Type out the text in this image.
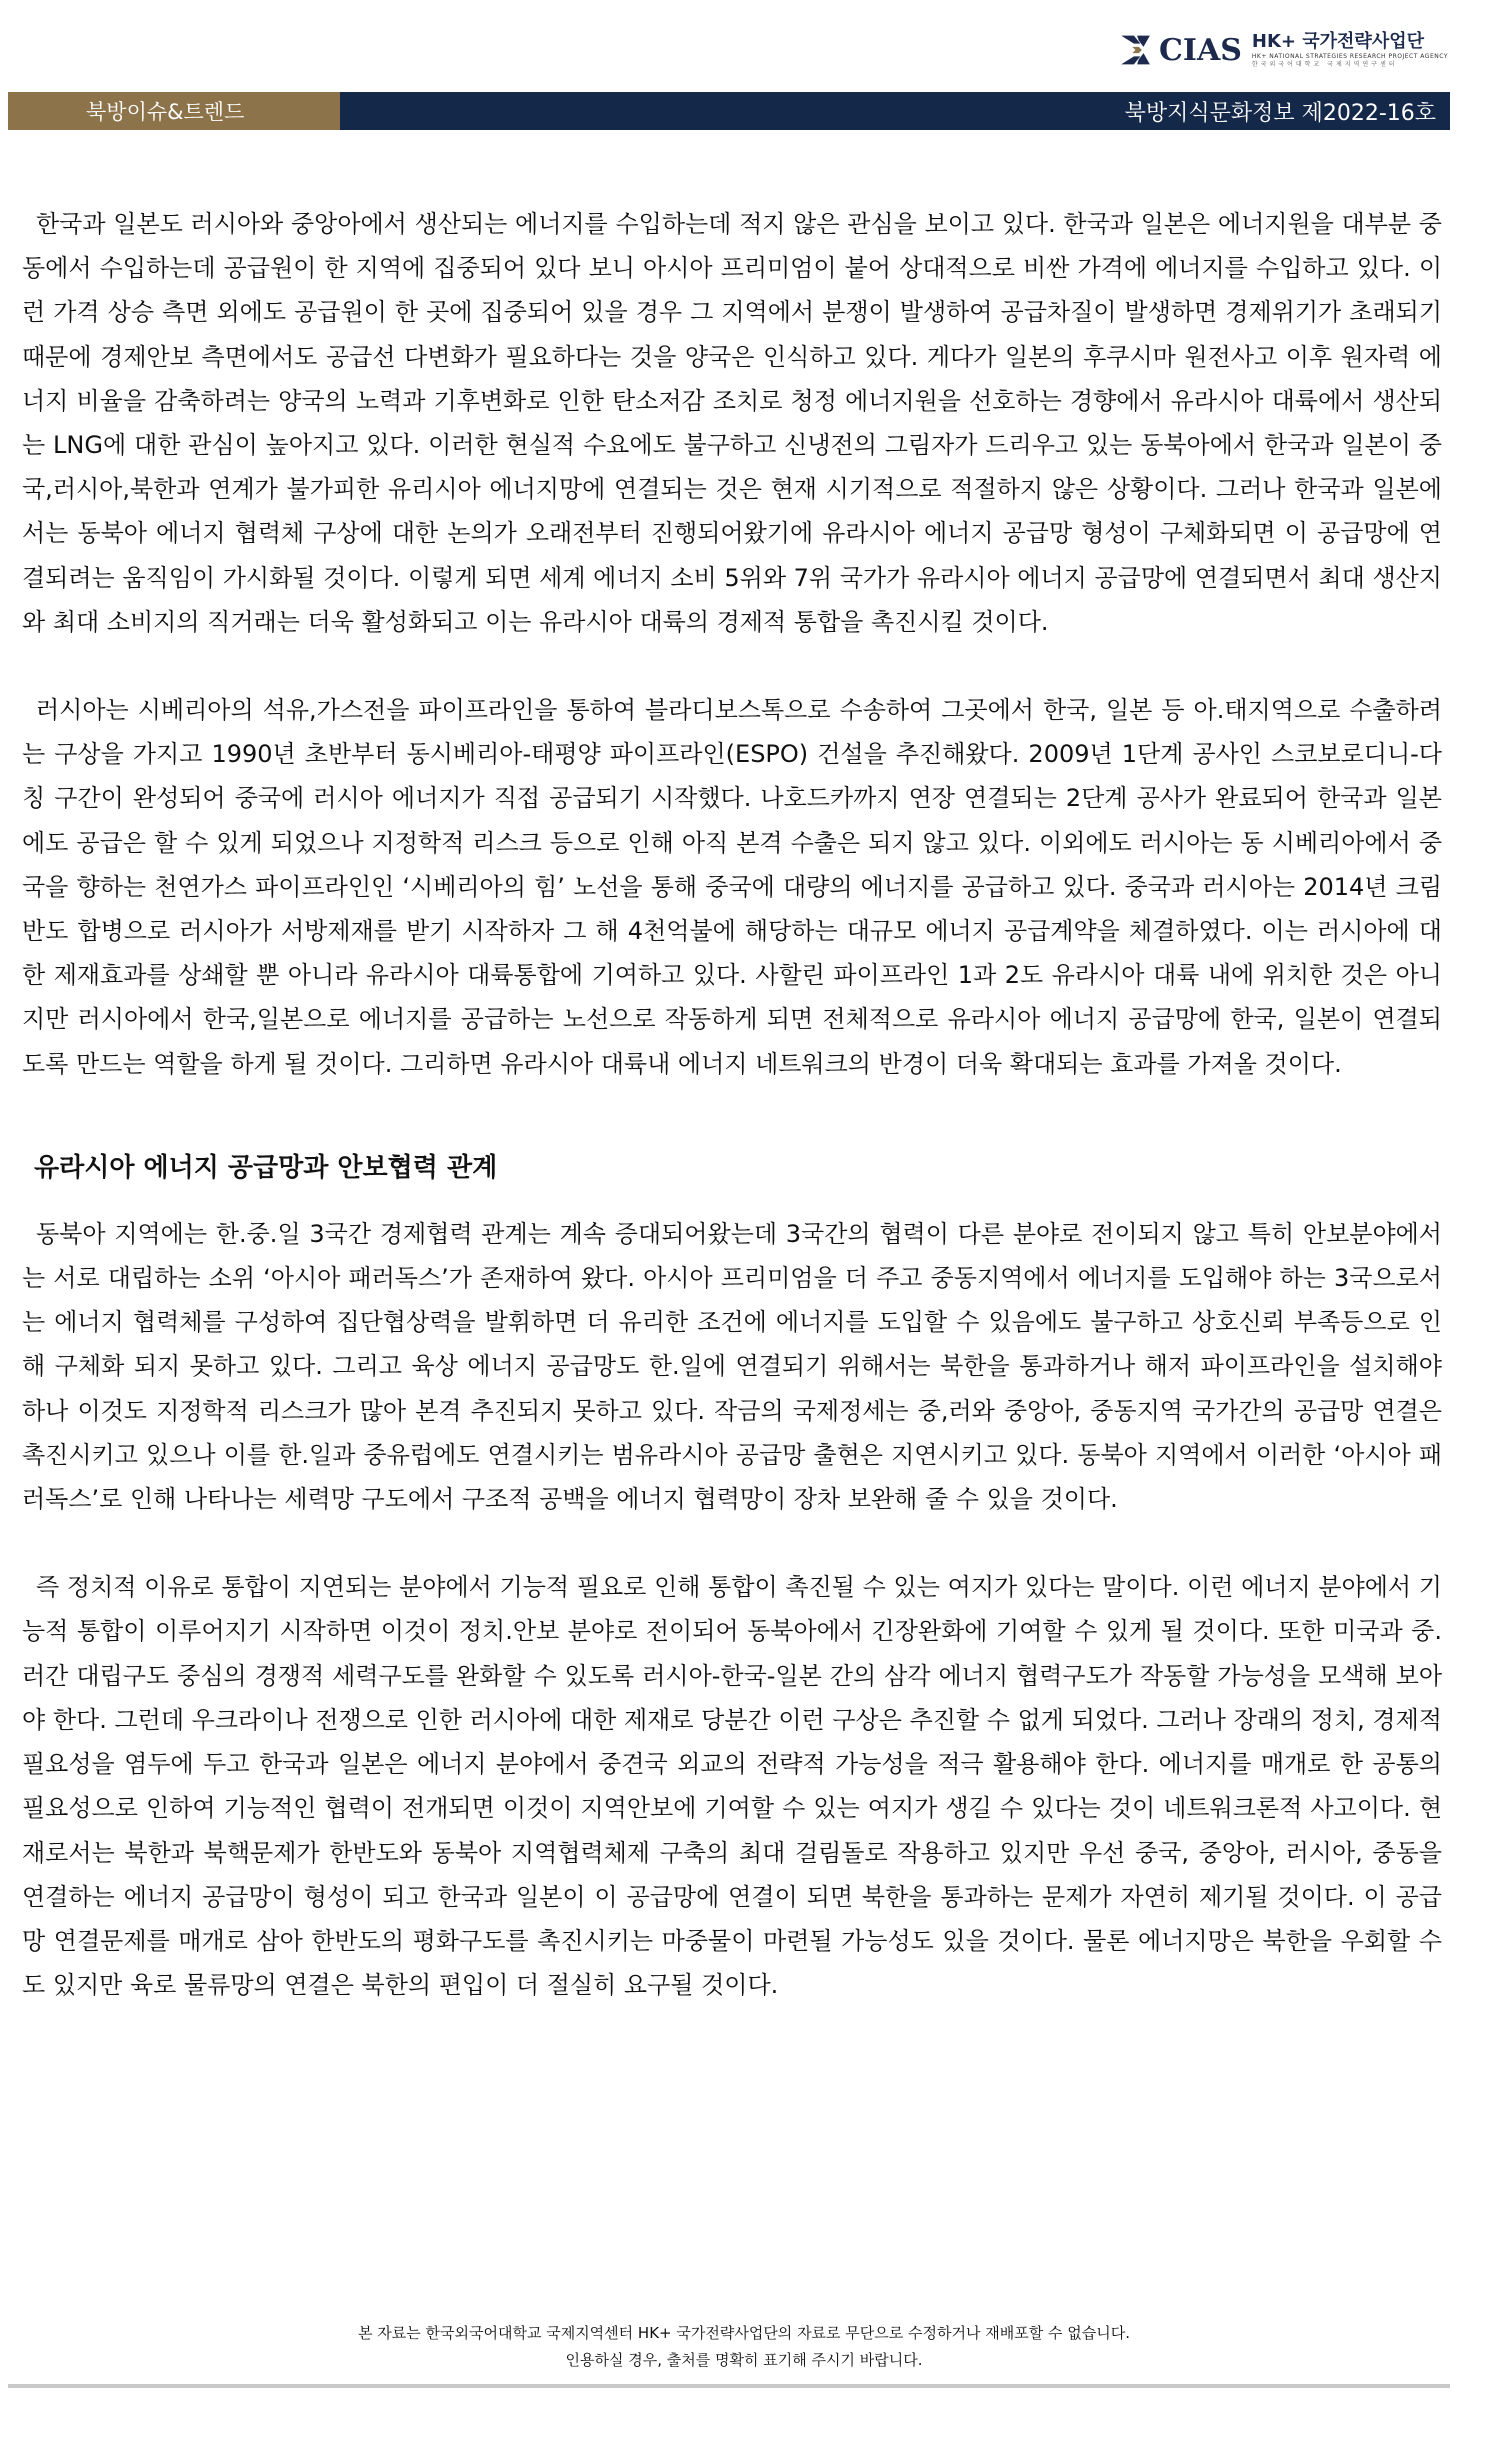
CIAS HK+ 국가전략사업단
HK+ NATIONAL STRATEGIES RESEARCH PROJECT AGENCY
한국외국어대학교 국제지역연구센터
북방이슈&트렌드	북방지식문화정보 제2022-16호

한국과 일본도 러시아와 중앙아에서 생산되는 에너지를 수입하는데 적지 않은 관심을 보이고 있다. 한국과 일본은 에너지원을 대부분 중동에서 수입하는데 공급원이 한 지역에 집중되어 있다 보니 아시아 프리미엄이 붙어 상대적으로 비싼 가격에 에너지를 수입하고 있다. 이런 가격 상승 측면 외에도 공급원이 한 곳에 집중되어 있을 경우 그 지역에서 분쟁이 발생하여 공급차질이 발생하면 경제위기가 초래되기 때문에 경제안보 측면에서도 공급선 다변화가 필요하다는 것을 양국은 인식하고 있다. 게다가 일본의 후쿠시마 원전사고 이후 원자력 에너지 비율을 감축하려는 양국의 노력과 기후변화로 인한 탄소저감 조치로 청정 에너지원을 선호하는 경향에서 유라시아 대륙에서 생산되는 LNG에 대한 관심이 높아지고 있다. 이러한 현실적 수요에도 불구하고 신냉전의 그림자가 드리우고 있는 동북아에서 한국과 일본이 중국,러시아,북한과 연계가 불가피한 유리시아 에너지망에 연결되는 것은 현재 시기적으로 적절하지 않은 상황이다. 그러나 한국과 일본에서는 동북아 에너지 협력체 구상에 대한 논의가 오래전부터 진행되어왔기에 유라시아 에너지 공급망 형성이 구체화되면 이 공급망에 연결되려는 움직임이 가시화될 것이다. 이렇게 되면 세계 에너지 소비 5위와 7위 국가가 유라시아 에너지 공급망에 연결되면서 최대 생산지와 최대 소비지의 직거래는 더욱 활성화되고 이는 유라시아 대륙의 경제적 통합을 촉진시킬 것이다.

러시아는 시베리아의 석유,가스전을 파이프라인을 통하여 블라디보스톡으로 수송하여 그곳에서 한국, 일본 등 아.태지역으로 수출하려는 구상을 가지고 1990년 초반부터 동시베리아-태평양 파이프라인(ESPO) 건설을 추진해왔다. 2009년 1단계 공사인 스코보로디니-다칭 구간이 완성되어 중국에 러시아 에너지가 직접 공급되기 시작했다. 나호드카까지 연장 연결되는 2단계 공사가 완료되어 한국과 일본에도 공급은 할 수 있게 되었으나 지정학적 리스크 등으로 인해 아직 본격 수출은 되지 않고 있다. 이외에도 러시아는 동 시베리아에서 중국을 향하는 천연가스 파이프라인인 ‘시베리아의 힘’ 노선을 통해 중국에 대량의 에너지를 공급하고 있다. 중국과 러시아는 2014년 크림반도 합병으로 러시아가 서방제재를 받기 시작하자 그 해 4천억불에 해당하는 대규모 에너지 공급계약을 체결하였다. 이는 러시아에 대한 제재효과를 상쇄할 뿐 아니라 유라시아 대륙통합에 기여하고 있다. 사할린 파이프라인 1과 2도 유라시아 대륙 내에 위치한 것은 아니지만 러시아에서 한국,일본으로 에너지를 공급하는 노선으로 작동하게 되면 전체적으로 유라시아 에너지 공급망에 한국, 일본이 연결되도록 만드는 역할을 하게 될 것이다. 그리하면 유라시아 대륙내 에너지 네트워크의 반경이 더욱 확대되는 효과를 가져올 것이다.

유라시아 에너지 공급망과 안보협력 관계

동북아 지역에는 한.중.일 3국간 경제협력 관계는 계속 증대되어왔는데 3국간의 협력이 다른 분야로 전이되지 않고 특히 안보분야에서는 서로 대립하는 소위 ‘아시아 패러독스’가 존재하여 왔다. 아시아 프리미엄을 더 주고 중동지역에서 에너지를 도입해야 하는 3국으로서는 에너지 협력체를 구성하여 집단협상력을 발휘하면 더 유리한 조건에 에너지를 도입할 수 있음에도 불구하고 상호신뢰 부족등으로 인해 구체화 되지 못하고 있다. 그리고 육상 에너지 공급망도 한.일에 연결되기 위해서는 북한을 통과하거나 해저 파이프라인을 설치해야 하나 이것도 지정학적 리스크가 많아 본격 추진되지 못하고 있다. 작금의 국제정세는 중,러와 중앙아, 중동지역 국가간의 공급망 연결은 촉진시키고 있으나 이를 한.일과 중유럽에도 연결시키는 범유라시아 공급망 출현은 지연시키고 있다. 동북아 지역에서 이러한 ‘아시아 패러독스’로 인해 나타나는 세력망 구도에서 구조적 공백을 에너지 협력망이 장차 보완해 줄 수 있을 것이다.

즉 정치적 이유로 통합이 지연되는 분야에서 기능적 필요로 인해 통합이 촉진될 수 있는 여지가 있다는 말이다. 이런 에너지 분야에서 기능적 통합이 이루어지기 시작하면 이것이 정치.안보 분야로 전이되어 동북아에서 긴장완화에 기여할 수 있게 될 것이다. 또한 미국과 중.러간 대립구도 중심의 경쟁적 세력구도를 완화할 수 있도록 러시아-한국-일본 간의 삼각 에너지 협력구도가 작동할 가능성을 모색해 보아야 한다. 그런데 우크라이나 전쟁으로 인한 러시아에 대한 제재로 당분간 이런 구상은 추진할 수 없게 되었다. 그러나 장래의 정치, 경제적 필요성을 염두에 두고 한국과 일본은 에너지 분야에서 중견국 외교의 전략적 가능성을 적극 활용해야 한다. 에너지를 매개로 한 공통의 필요성으로 인하여 기능적인 협력이 전개되면 이것이 지역안보에 기여할 수 있는 여지가 생길 수 있다는 것이 네트워크론적 사고이다. 현재로서는 북한과 북핵문제가 한반도와 동북아 지역협력체제 구축의 최대 걸림돌로 작용하고 있지만 우선 중국, 중앙아, 러시아, 중동을 연결하는 에너지 공급망이 형성이 되고 한국과 일본이 이 공급망에 연결이 되면 북한을 통과하는 문제가 자연히 제기될 것이다. 이 공급망 연결문제를 매개로 삼아 한반도의 평화구도를 촉진시키는 마중물이 마련될 가능성도 있을 것이다. 물론 에너지망은 북한을 우회할 수도 있지만 육로 물류망의 연결은 북한의 편입이 더 절실히 요구될 것이다.

본 자료는 한국외국어대학교 국제지역센터 HK+ 국가전략사업단의 자료로 무단으로 수정하거나 재배포할 수 없습니다.
인용하실 경우, 출처를 명확히 표기해 주시기 바랍니다.
